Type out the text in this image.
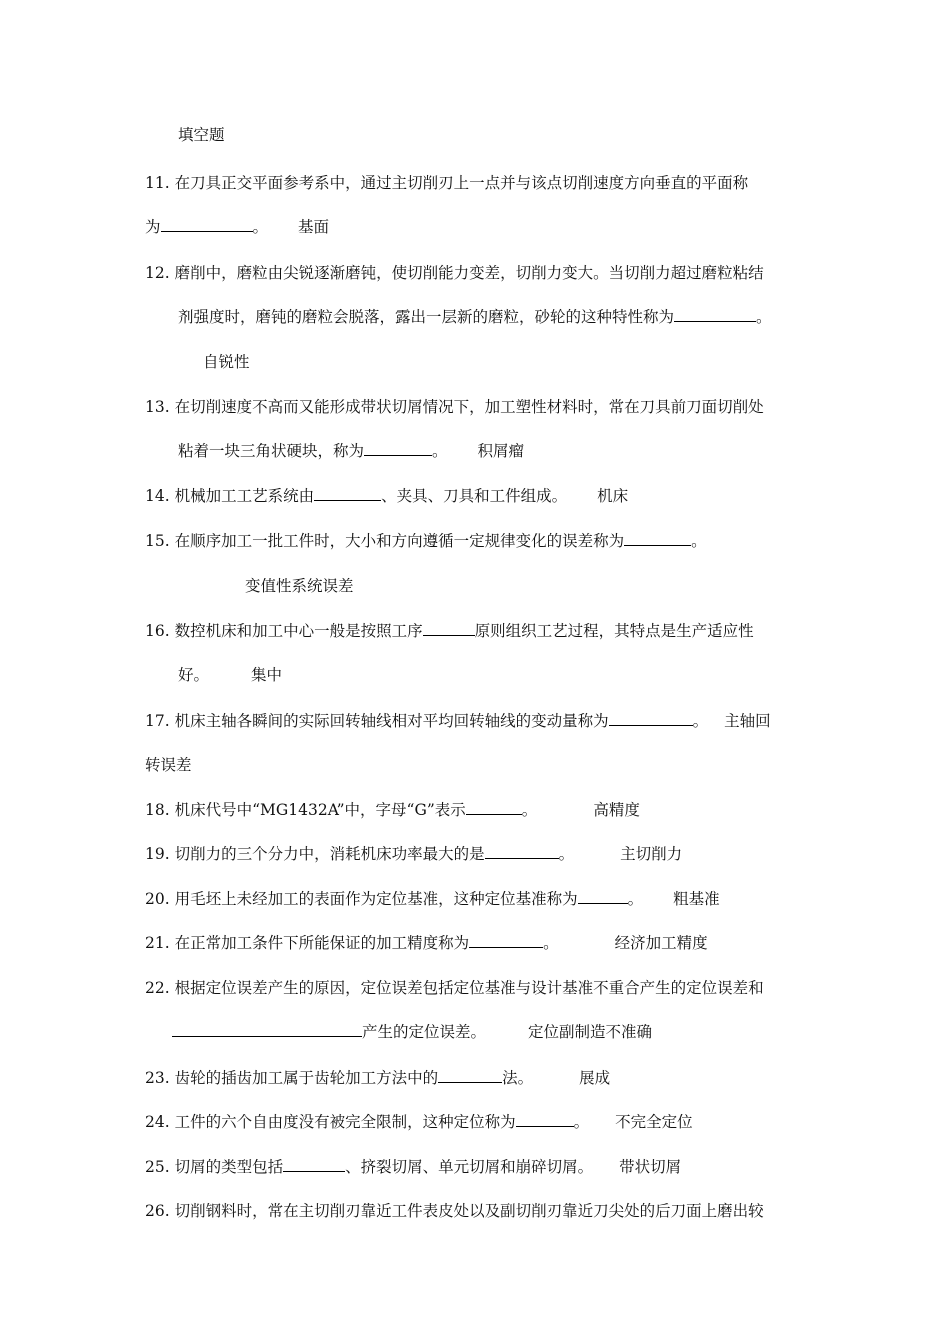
填空题
11. 在刀具正交平面参考系中，通过主切削刃上一点并与该点切削速度方向垂直的平面称
为	。 基面
12. 磨削中，磨粒由尖锐逐渐磨钝，使切削能力变差，切削力变大。当切削力超过磨粒粘结
剂强度时，磨钝的磨粒会脱落，露出一层新的磨粒，砂轮的这种特性称为	。
自锐性
13. 在切削速度不高而又能形成带状切屑情况下，加工塑性材料时，常在刀具前刀面切削处
粘着一块三角状硬块，称为	。 积屑瘤
14. 机械加工工艺系统由	、夹具、刀具和工件组成。 机床
15. 在顺序加工一批工件时，大小和方向遵循一定规律变化的误差称为	。
变值性系统误差
16. 数控机床和加工中心一般是按照工序	原则组织工艺过程，其特点是生产适应性
好。	集中
17. 机床主轴各瞬间的实际回转轴线相对平均回转轴线的变动量称为	。 主轴回
转误差
18. 机床代号中“MG1432A”中，字母“G”表示	。	高精度
19. 切削力的三个分力中，消耗机床功率最大的是	。	主切削力
20. 用毛坯上未经加工的表面作为定位基准，这种定位基准称为	。 粗基准
21. 在正常加工条件下所能保证的加工精度称为	。	经济加工精度
22. 根据定位误差产生的原因，定位误差包括定位基准与设计基准不重合产生的定位误差和
产生的定位误差。	定位副制造不准确
23. 齿轮的插齿加工属于齿轮加工方法中的	法。	展成
24. 工件的六个自由度没有被完全限制，这种定位称为	。 不完全定位
25. 切屑的类型包括	、挤裂切屑、单元切屑和崩碎切屑。 带状切屑
26. 切削钢料时，常在主切削刃靠近工件表皮处以及副切削刃靠近刀尖处的后刀面上磨出较
